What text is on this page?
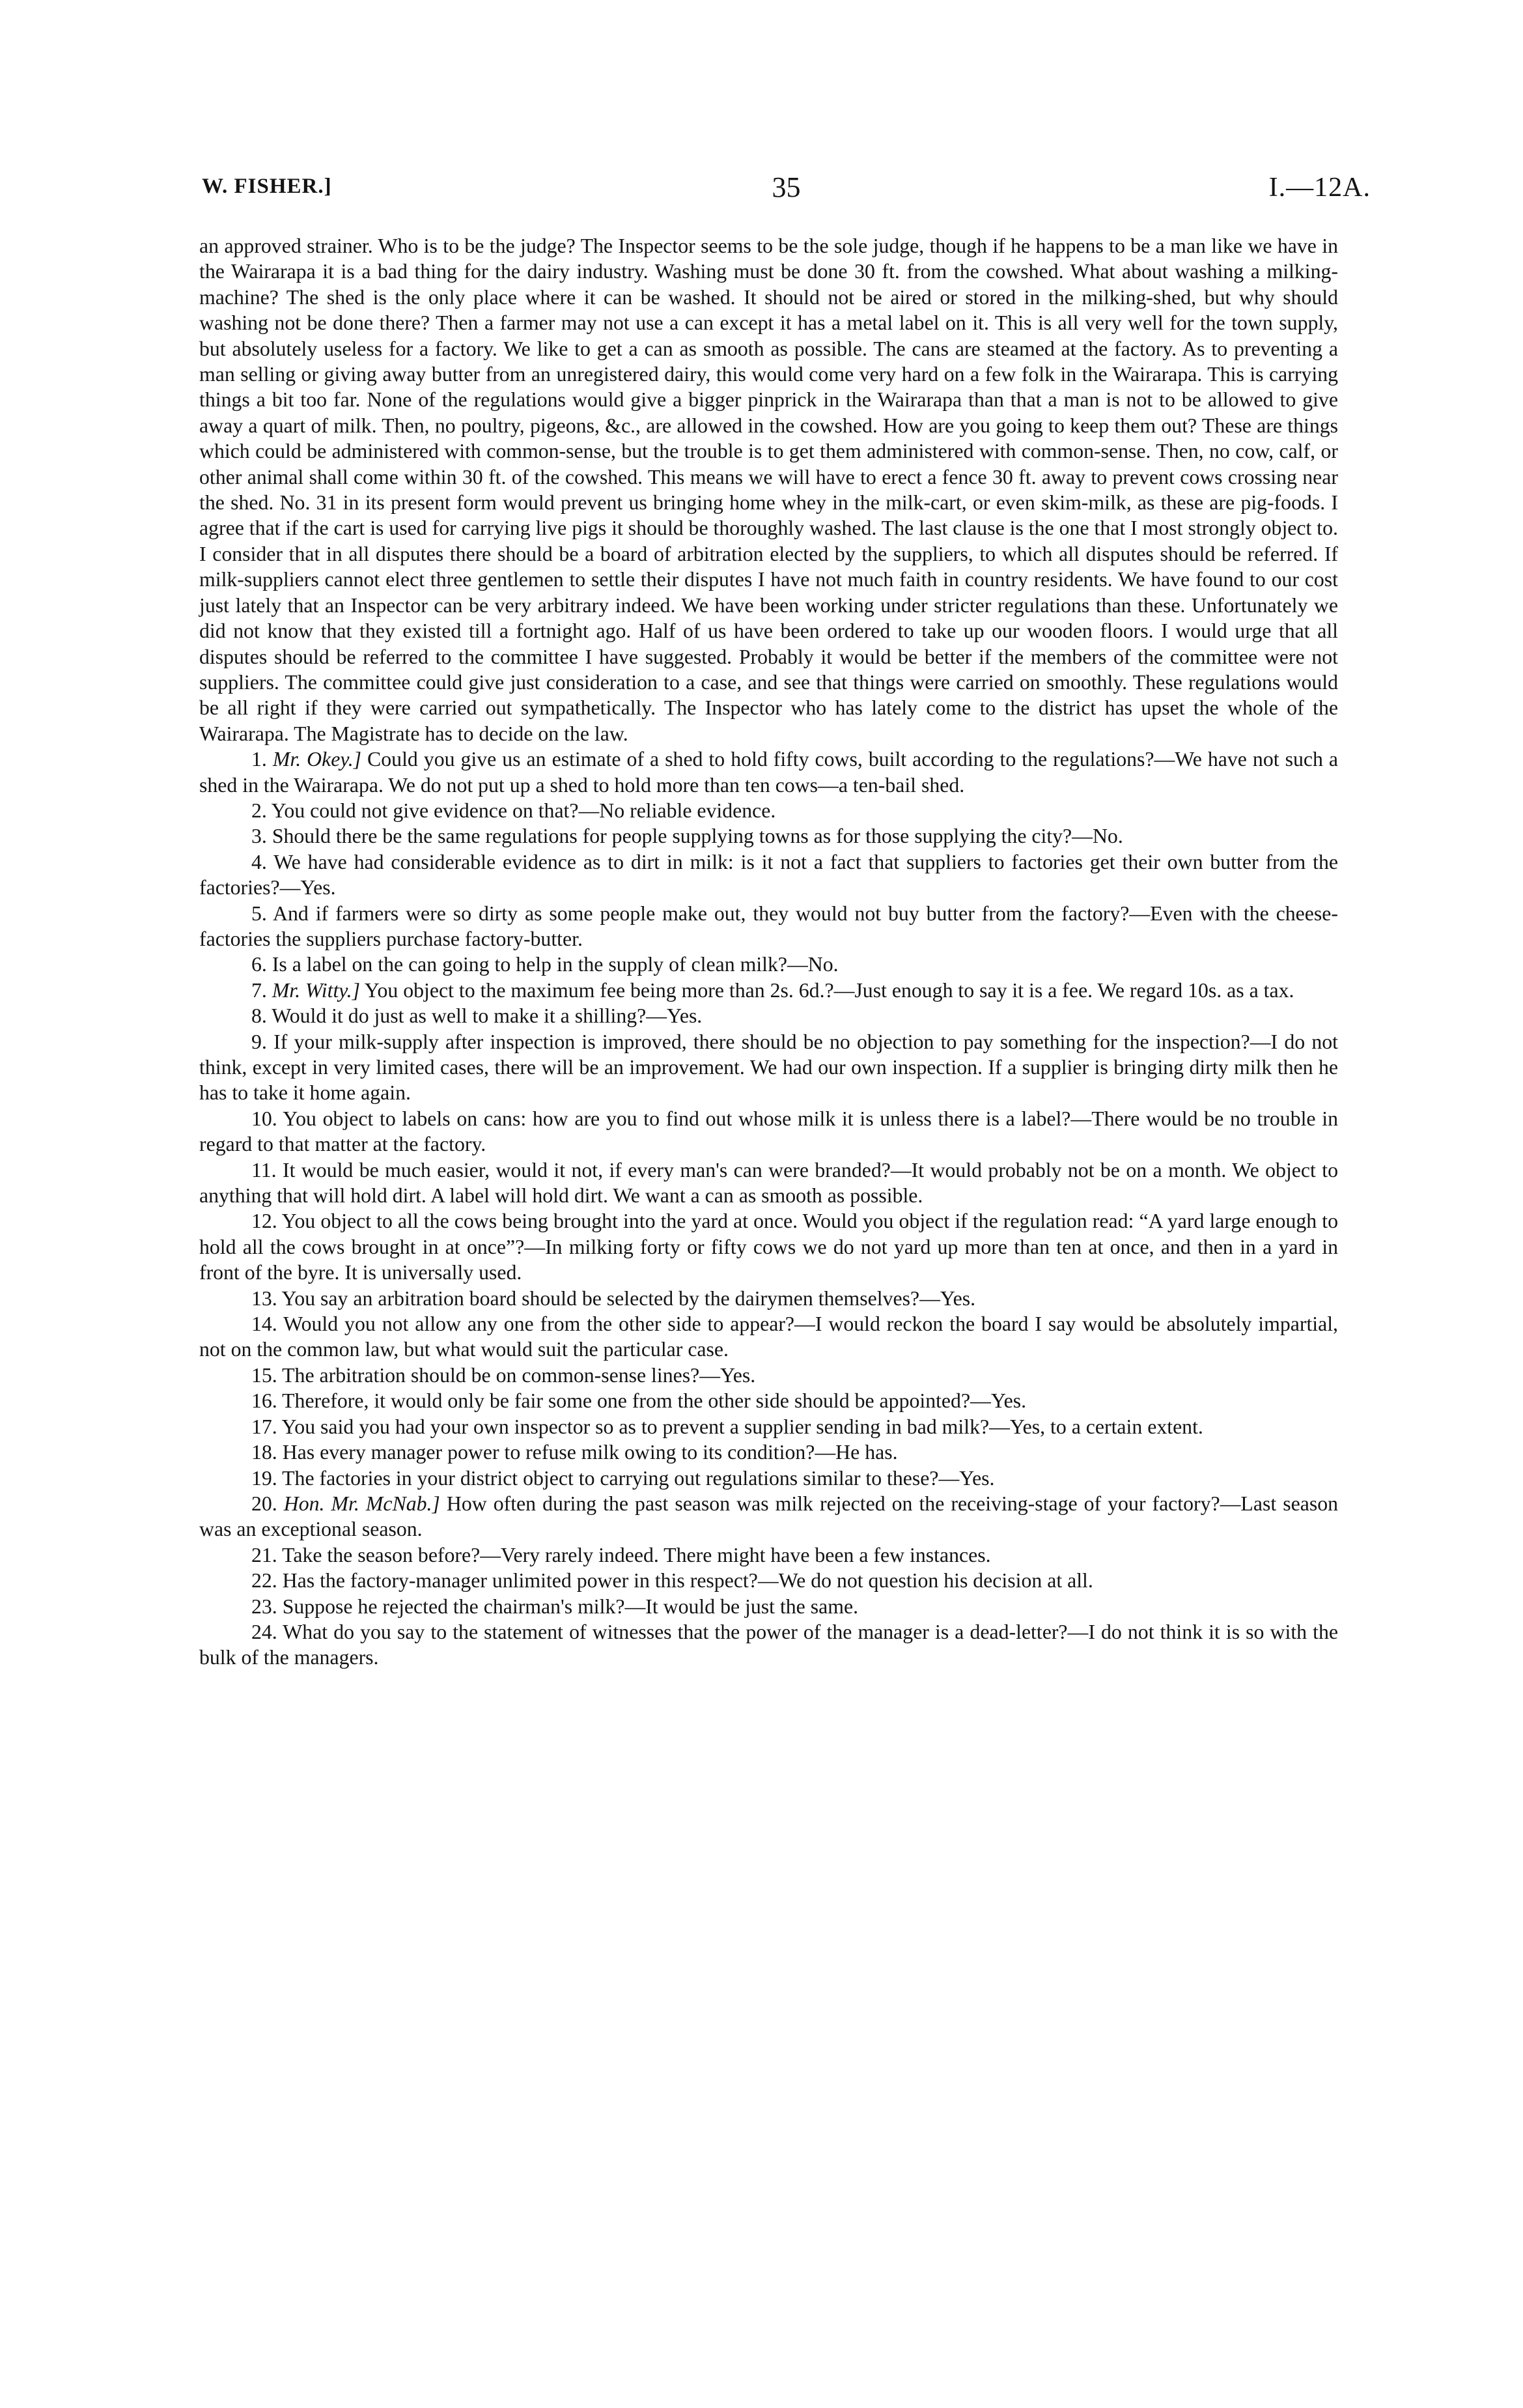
W. FISHER.]	35	I.—12A.

an approved strainer. Who is to be the judge? The Inspector seems to be the sole judge, though if he happens to be a man like we have in the Wairarapa it is a bad thing for the dairy industry. Washing must be done 30 ft. from the cowshed. What about washing a milking-machine? The shed is the only place where it can be washed. It should not be aired or stored in the milking-shed, but why should washing not be done there? Then a farmer may not use a can except it has a metal label on it. This is all very well for the town supply, but absolutely useless for a factory. We like to get a can as smooth as possible. The cans are steamed at the factory. As to preventing a man selling or giving away butter from an unregistered dairy, this would come very hard on a few folk in the Wairarapa. This is carrying things a bit too far. None of the regulations would give a bigger pinprick in the Wairarapa than that a man is not to be allowed to give away a quart of milk. Then, no poultry, pigeons, &c., are allowed in the cowshed. How are you going to keep them out? These are things which could be administered with common-sense, but the trouble is to get them administered with common-sense. Then, no cow, calf, or other animal shall come within 30 ft. of the cowshed. This means we will have to erect a fence 30 ft. away to prevent cows crossing near the shed. No. 31 in its present form would prevent us bringing home whey in the milk-cart, or even skim-milk, as these are pig-foods. I agree that if the cart is used for carrying live pigs it should be thoroughly washed. The last clause is the one that I most strongly object to. I consider that in all disputes there should be a board of arbitration elected by the suppliers, to which all disputes should be referred. If milk-suppliers cannot elect three gentlemen to settle their disputes I have not much faith in country residents. We have found to our cost just lately that an Inspector can be very arbitrary indeed. We have been working under stricter regulations than these. Unfortunately we did not know that they existed till a fortnight ago. Half of us have been ordered to take up our wooden floors. I would urge that all disputes should be referred to the committee I have suggested. Probably it would be better if the members of the committee were not suppliers. The committee could give just consideration to a case, and see that things were carried on smoothly. These regulations would be all right if they were carried out sympathetically. The Inspector who has lately come to the district has upset the whole of the Wairarapa. The Magistrate has to decide on the law.

1. Mr. Okey.] Could you give us an estimate of a shed to hold fifty cows, built according to the regulations?—We have not such a shed in the Wairarapa. We do not put up a shed to hold more than ten cows—a ten-bail shed.

2. You could not give evidence on that?—No reliable evidence.

3. Should there be the same regulations for people supplying towns as for those supplying the city?—No.

4. We have had considerable evidence as to dirt in milk: is it not a fact that suppliers to factories get their own butter from the factories?—Yes.

5. And if farmers were so dirty as some people make out, they would not buy butter from the factory?—Even with the cheese-factories the suppliers purchase factory-butter.

6. Is a label on the can going to help in the supply of clean milk?—No.

7. Mr. Witty.] You object to the maximum fee being more than 2s. 6d.?—Just enough to say it is a fee. We regard 10s. as a tax.

8. Would it do just as well to make it a shilling?—Yes.

9. If your milk-supply after inspection is improved, there should be no objection to pay something for the inspection?—I do not think, except in very limited cases, there will be an improvement. We had our own inspection. If a supplier is bringing dirty milk then he has to take it home again.

10. You object to labels on cans: how are you to find out whose milk it is unless there is a label?—There would be no trouble in regard to that matter at the factory.

11. It would be much easier, would it not, if every man's can were branded?—It would probably not be on a month. We object to anything that will hold dirt. A label will hold dirt. We want a can as smooth as possible.

12. You object to all the cows being brought into the yard at once. Would you object if the regulation read: “A yard large enough to hold all the cows brought in at once”?—In milking forty or fifty cows we do not yard up more than ten at once, and then in a yard in front of the byre. It is universally used.

13. You say an arbitration board should be selected by the dairymen themselves?—Yes.

14. Would you not allow any one from the other side to appear?—I would reckon the board I say would be absolutely impartial, not on the common law, but what would suit the particular case.

15. The arbitration should be on common-sense lines?—Yes.

16. Therefore, it would only be fair some one from the other side should be appointed?—Yes.

17. You said you had your own inspector so as to prevent a supplier sending in bad milk?—Yes, to a certain extent.

18. Has every manager power to refuse milk owing to its condition?—He has.

19. The factories in your district object to carrying out regulations similar to these?—Yes.

20. Hon. Mr. McNab.] How often during the past season was milk rejected on the receiving-stage of your factory?—Last season was an exceptional season.

21. Take the season before?—Very rarely indeed. There might have been a few instances.

22. Has the factory-manager unlimited power in this respect?—We do not question his decision at all.

23. Suppose he rejected the chairman's milk?—It would be just the same.

24. What do you say to the statement of witnesses that the power of the manager is a dead-letter?—I do not think it is so with the bulk of the managers.
